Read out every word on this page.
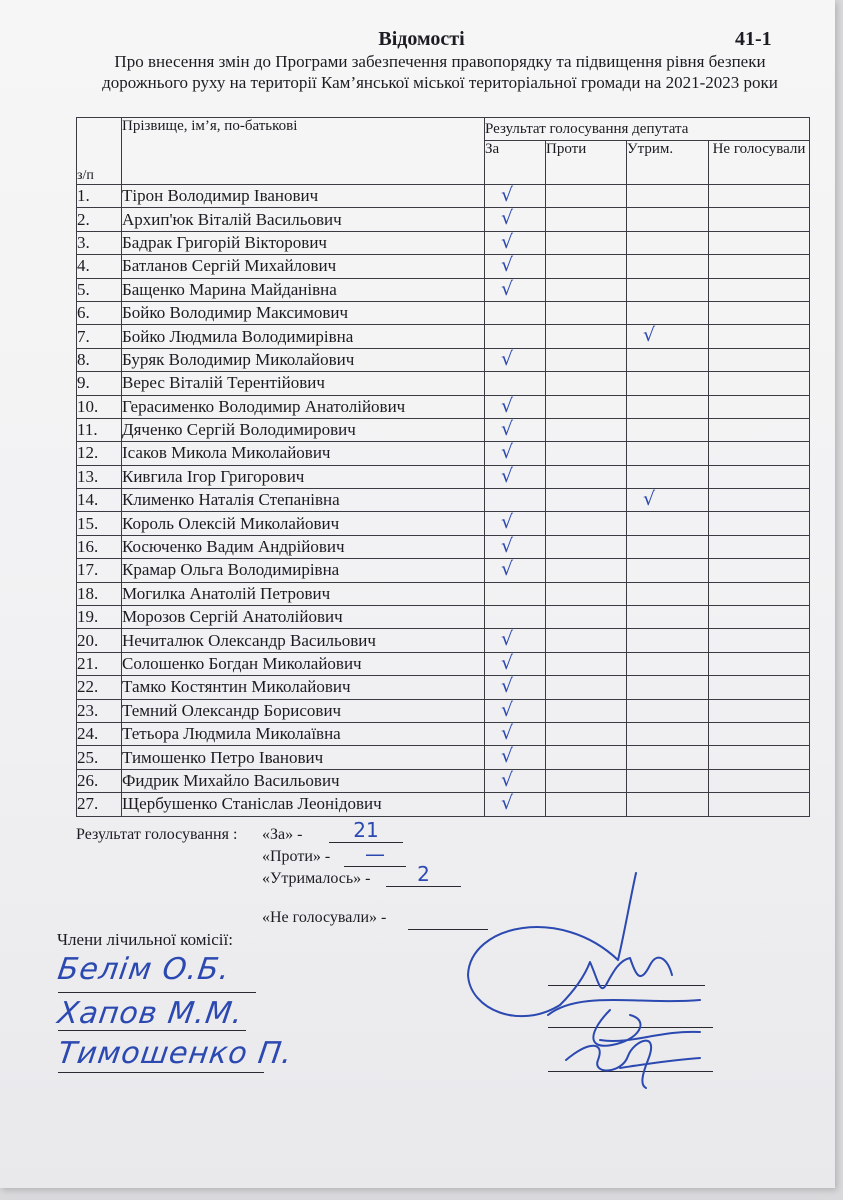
Відомості	41-1
Про внесення змін до Програми забезпечення правопорядку та підвищення рівня безпеки дорожнього руху на території Кам’янської міської територіальної громади на 2021-2023 роки
з/п	Прізвище, ім’я, по-батькові	Результат голосування депутата			
		За	Проти	Утрим.	Не голосували
1.	Тірон Володимир Іванович	√			

2.	Архип'юк Віталій Васильович	√			

3.	Бадрак Григорій Вікторович	√			

4.	Батланов Сергій Михайлович	√			

5.	Бащенко Марина Майданівна	√			

6.	Бойко Володимир Максимович				
7.	Бойко Людмила Володимирівна			√	

8.	Буряк Володимир Миколайович	√			

9.	Верес Віталій Терентійович				
10.	Герасименко Володимир Анатолійович	√			

11.	Дяченко Сергій Володимирович	√			

12.	Ісаков Микола Миколайович	√			

13.	Кивгила Ігор Григорович	√			

14.	Клименко Наталія Степанівна			√	

15.	Король Олексій Миколайович	√			

16.	Косюченко Вадим Андрійович	√			

17.	Крамар Ольга Володимирівна	√			

18.	Могилка Анатолій Петрович				
19.	Морозов Сергій Анатолійович				
20.	Нечиталюк Олександр Васильович	√			

21.	Солошенко Богдан Миколайович	√			

22.	Тамко Костянтин Миколайович	√			

23.	Темний Олександр Борисович	√			

24.	Тетьора Людмила Миколаївна	√			

25.	Тимошенко Петро Іванович	√			

26.	Фидрик Михайло Васильович	√			

27.	Щербушенко Станіслав Леонідович	√			

Результат голосування : «За» -	21
«Проти» -	—
«Утрималось» -	2
«Не голосували» -
Члени лічильної комісії:
Белім О.Б.
Хапов М.М.
Тимошенко П.
